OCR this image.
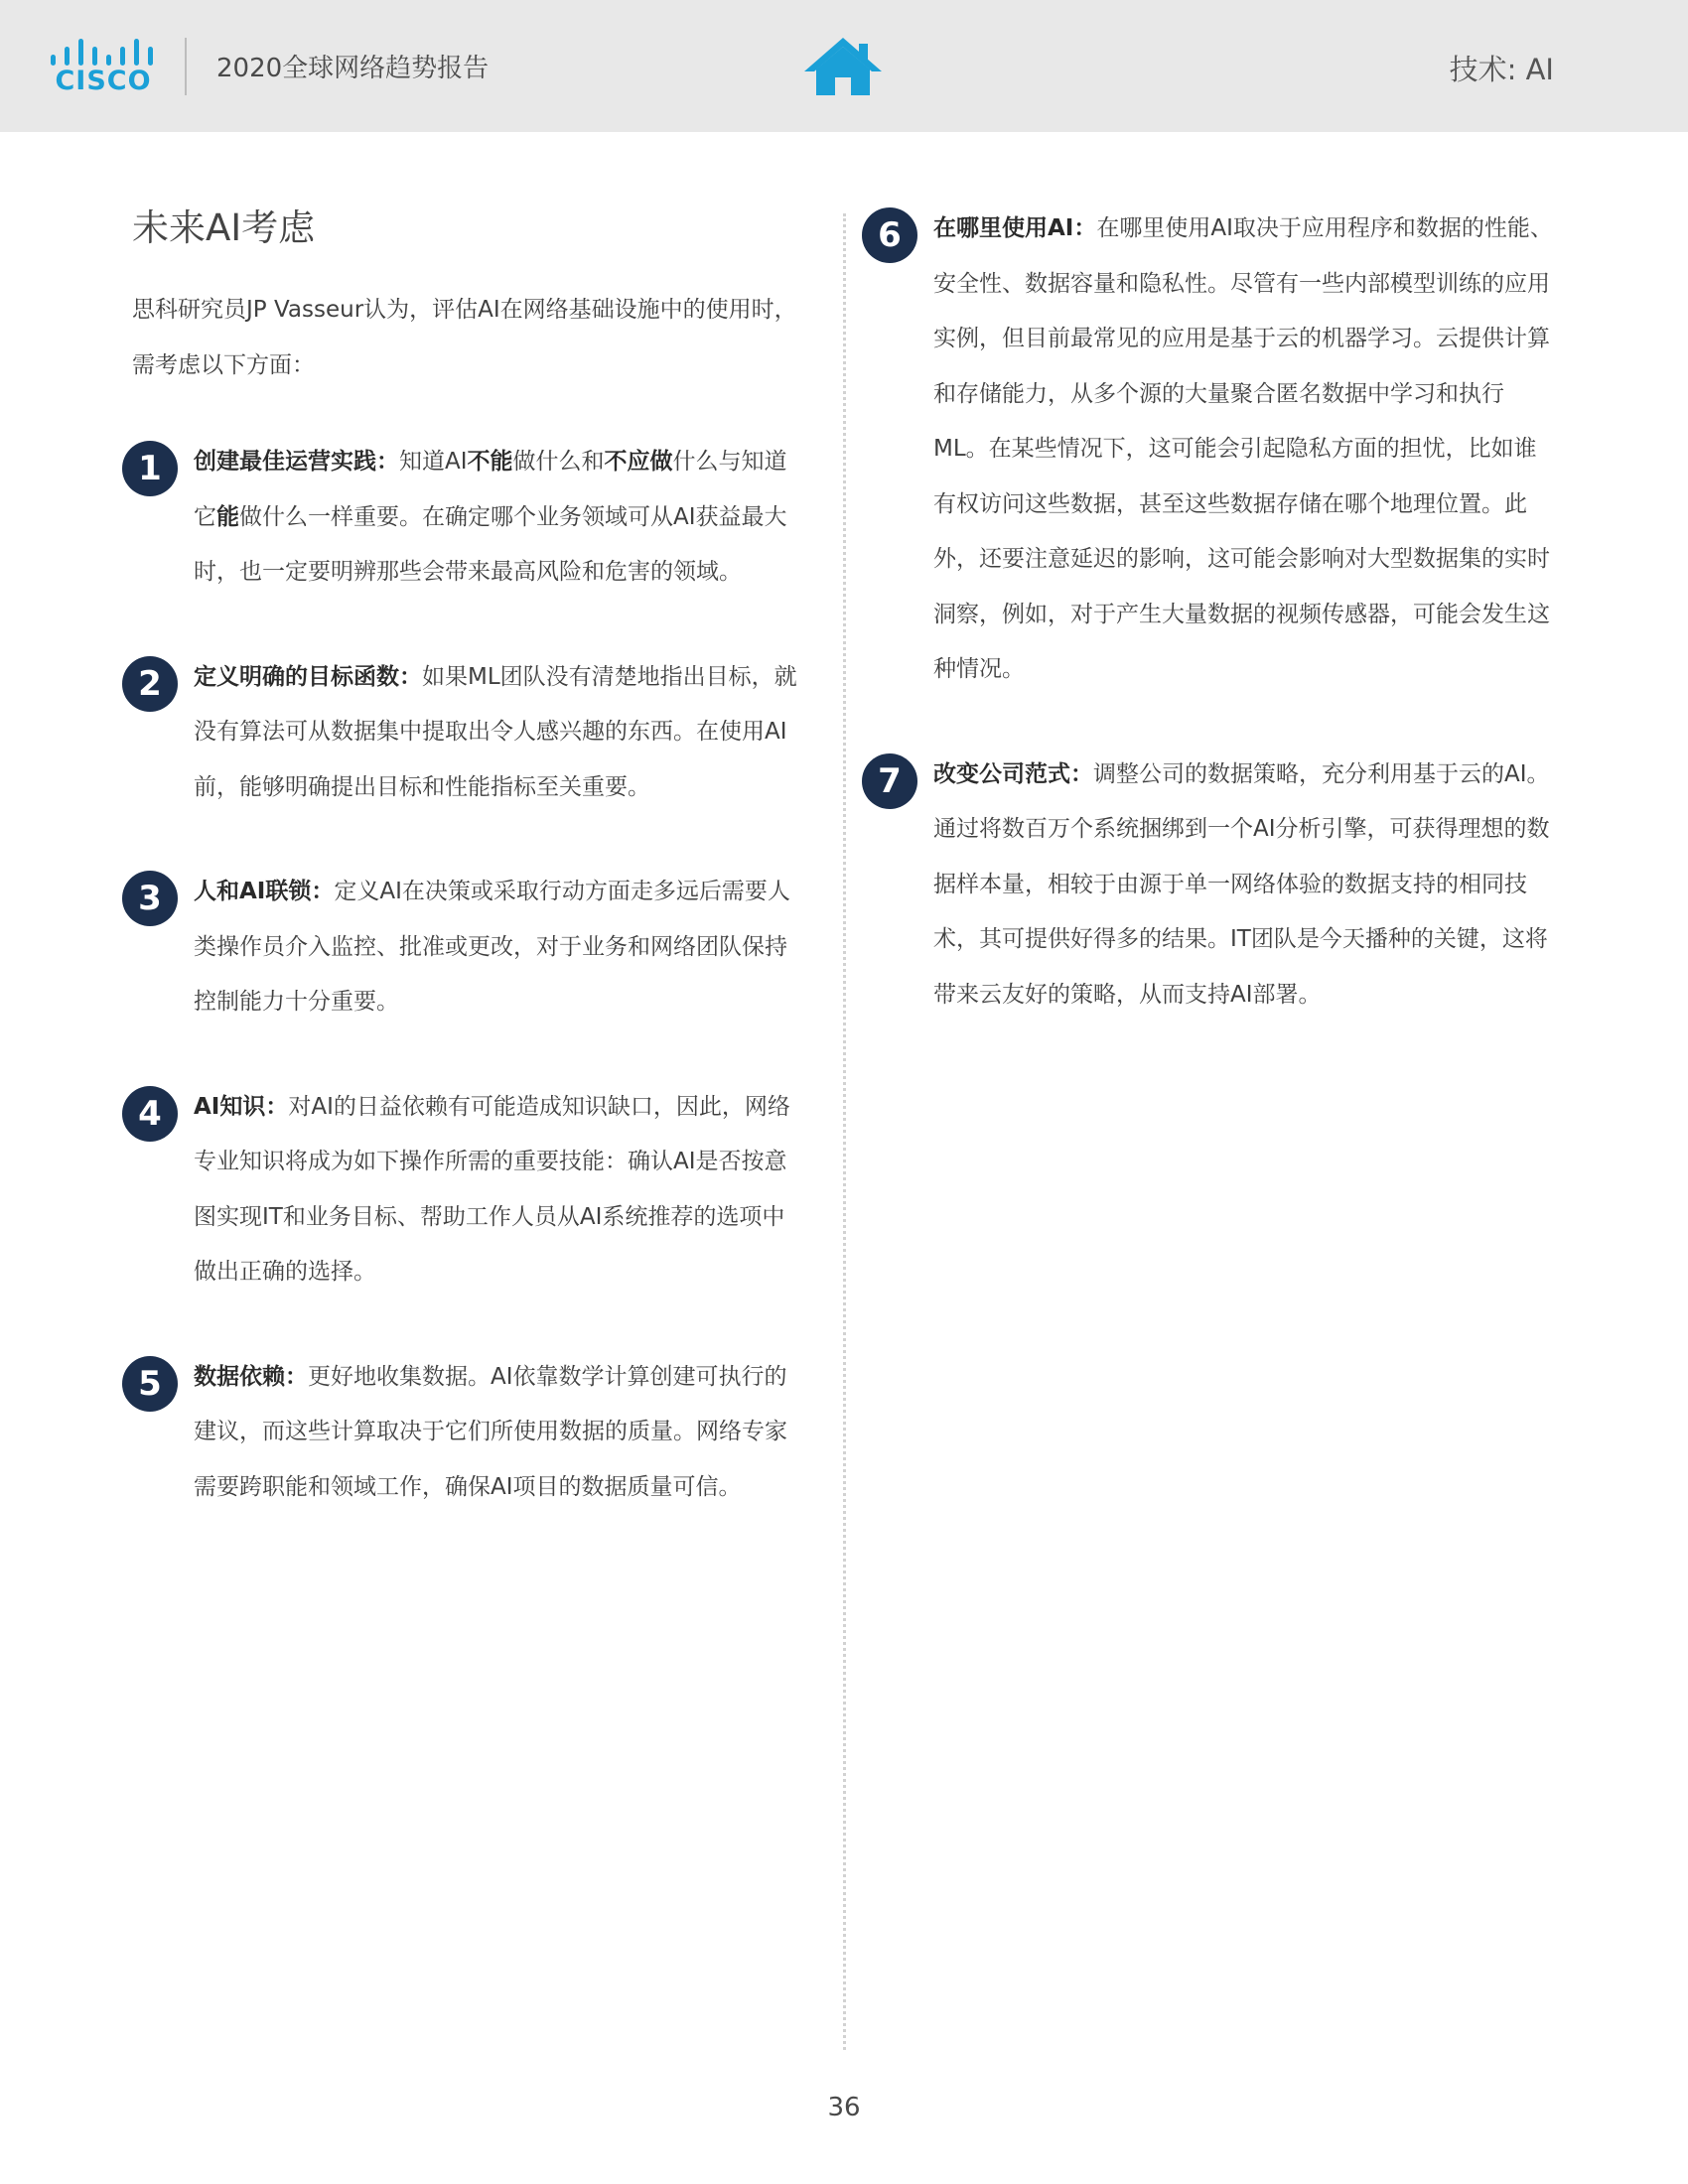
CISCO	2020全球网络趋势报告	技术: AI
未来AI考虑

思科研究员JP Vasseur认为，评估AI在网络基础设施中的使用时，需考虑以下方面：

1	创建最佳运营实践：知道AI不能做什么和不应做什么与知道它能做什么一样重要。在确定哪个业务领域可从AI获益最大时，也一定要明辨那些会带来最高风险和危害的领域。

2	定义明确的目标函数：如果ML团队没有清楚地指出目标，就没有算法可从数据集中提取出令人感兴趣的东西。在使用AI前，能够明确提出目标和性能指标至关重要。

3	人和AI联锁：定义AI在决策或采取行动方面走多远后需要人类操作员介入监控、批准或更改，对于业务和网络团队保持控制能力十分重要。

4	AI知识：对AI的日益依赖有可能造成知识缺口，因此，网络专业知识将成为如下操作所需的重要技能：确认AI是否按意图实现IT和业务目标、帮助工作人员从AI系统推荐的选项中做出正确的选择。

5	数据依赖：更好地收集数据。AI依靠数学计算创建可执行的建议，而这些计算取决于它们所使用数据的质量。网络专家需要跨职能和领域工作，确保AI项目的数据质量可信。

6	在哪里使用AI：在哪里使用AI取决于应用程序和数据的性能、安全性、数据容量和隐私性。尽管有一些内部模型训练的应用实例，但目前最常见的应用是基于云的机器学习。云提供计算和存储能力，从多个源的大量聚合匿名数据中学习和执行ML。在某些情况下，这可能会引起隐私方面的担忧，比如谁有权访问这些数据，甚至这些数据存储在哪个地理位置。此外，还要注意延迟的影响，这可能会影响对大型数据集的实时洞察，例如，对于产生大量数据的视频传感器，可能会发生这种情况。

7	改变公司范式：调整公司的数据策略，充分利用基于云的AI。通过将数百万个系统捆绑到一个AI分析引擎，可获得理想的数据样本量，相较于由源于单一网络体验的数据支持的相同技术，其可提供好得多的结果。IT团队是今天播种的关键，这将带来云友好的策略，从而支持AI部署。

36
